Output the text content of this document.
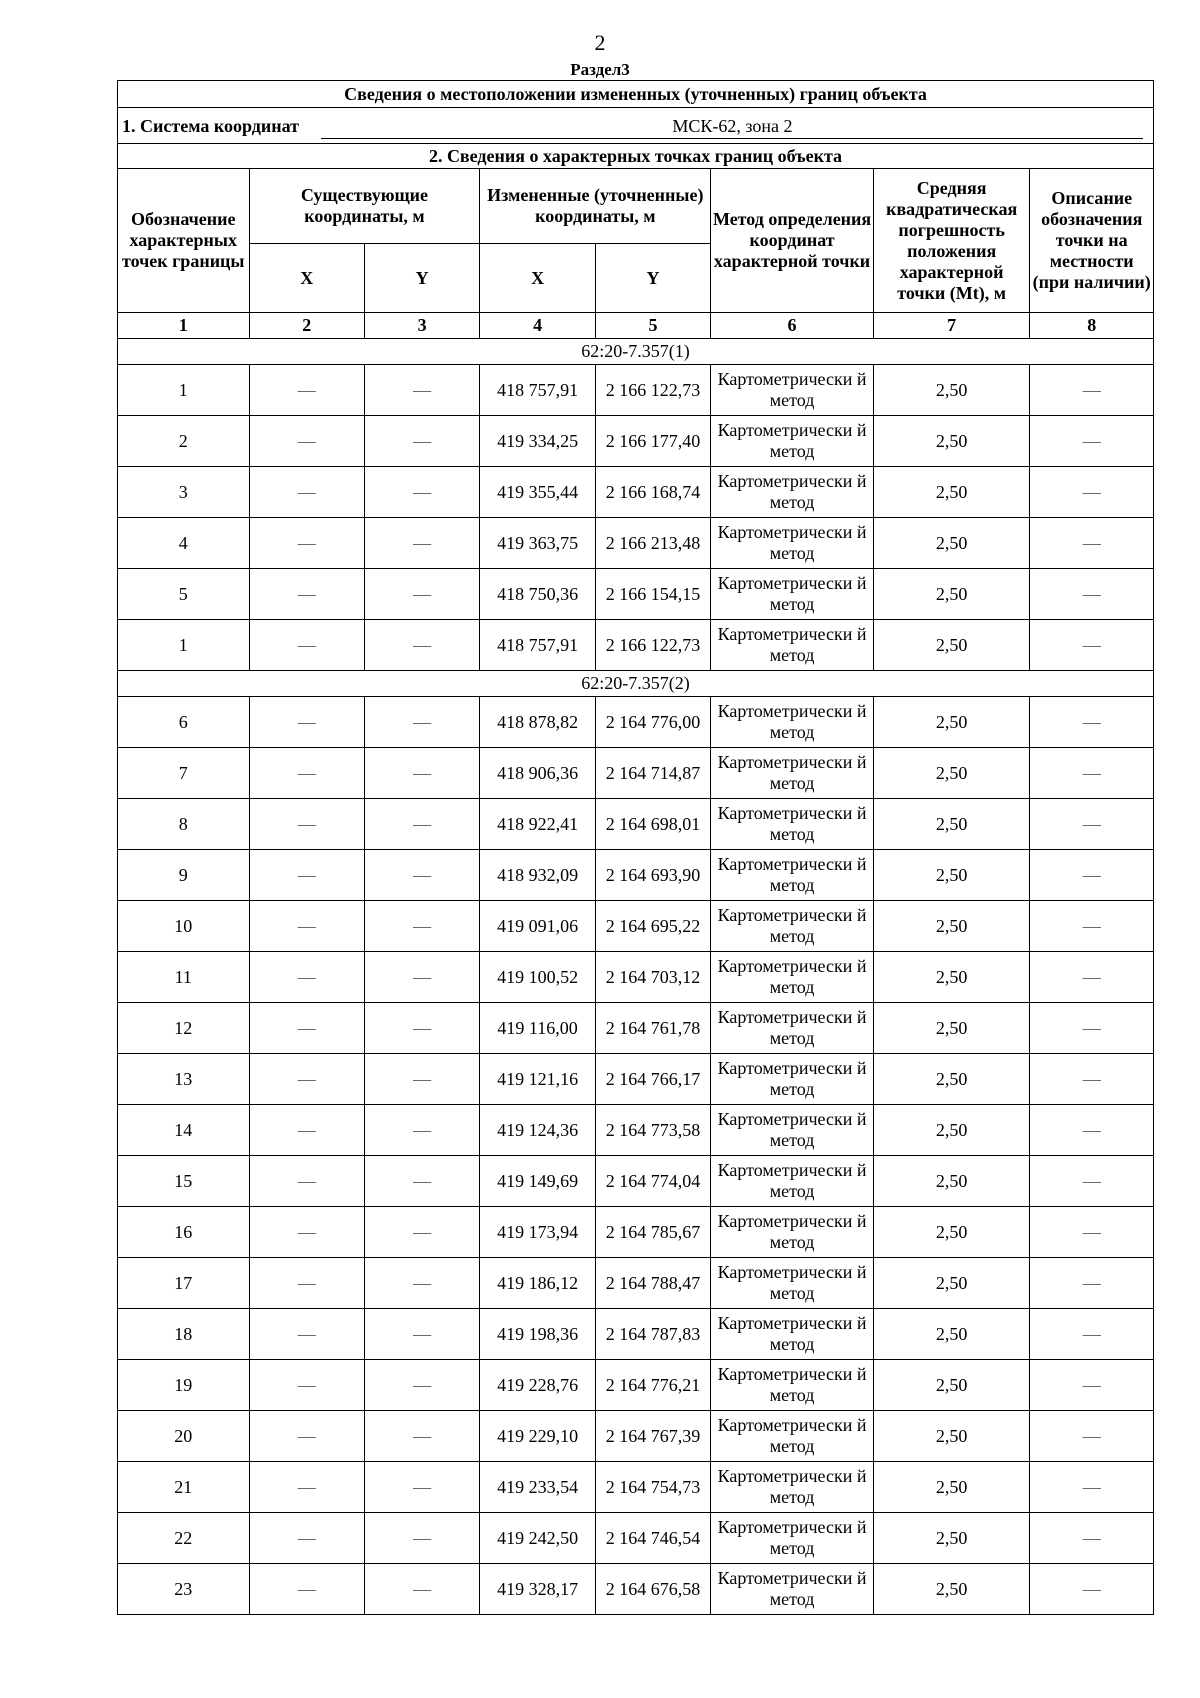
2
Раздел3
Сведения о местоположении измененных (уточненных) границ объекта							

1. Система координат МСК-62, зона 2							

2. Сведения о характерных точках границ объекта							
Обозначение характерных точек границы	Существующие координаты, м		Измененные (уточненные) координаты, м		Метод определения координат характерной точки	Средняя квадратическая погрешность положения характерной точки (Mt), м	Описание обозначения точки на местности (при наличии)
	X	Y	X	Y			
1	2	3	4	5	6	7	8
62:20-7.357(1)							
1	—	—	418 757,91	2 166 122,73	Картометрически й метод	2,50	—
2	—	—	419 334,25	2 166 177,40	Картометрически й метод	2,50	—
3	—	—	419 355,44	2 166 168,74	Картометрически й метод	2,50	—
4	—	—	419 363,75	2 166 213,48	Картометрически й метод	2,50	—
5	—	—	418 750,36	2 166 154,15	Картометрически й метод	2,50	—
1	—	—	418 757,91	2 166 122,73	Картометрически й метод	2,50	—
62:20-7.357(2)							
6	—	—	418 878,82	2 164 776,00	Картометрически й метод	2,50	—
7	—	—	418 906,36	2 164 714,87	Картометрически й метод	2,50	—
8	—	—	418 922,41	2 164 698,01	Картометрически й метод	2,50	—
9	—	—	418 932,09	2 164 693,90	Картометрически й метод	2,50	—
10	—	—	419 091,06	2 164 695,22	Картометрически й метод	2,50	—
11	—	—	419 100,52	2 164 703,12	Картометрически й метод	2,50	—
12	—	—	419 116,00	2 164 761,78	Картометрически й метод	2,50	—
13	—	—	419 121,16	2 164 766,17	Картометрически й метод	2,50	—
14	—	—	419 124,36	2 164 773,58	Картометрически й метод	2,50	—
15	—	—	419 149,69	2 164 774,04	Картометрически й метод	2,50	—
16	—	—	419 173,94	2 164 785,67	Картометрически й метод	2,50	—
17	—	—	419 186,12	2 164 788,47	Картометрически й метод	2,50	—
18	—	—	419 198,36	2 164 787,83	Картометрически й метод	2,50	—
19	—	—	419 228,76	2 164 776,21	Картометрически й метод	2,50	—
20	—	—	419 229,10	2 164 767,39	Картометрически й метод	2,50	—
21	—	—	419 233,54	2 164 754,73	Картометрически й метод	2,50	—
22	—	—	419 242,50	2 164 746,54	Картометрически й метод	2,50	—
23	—	—	419 328,17	2 164 676,58	Картометрически й метод	2,50	—
